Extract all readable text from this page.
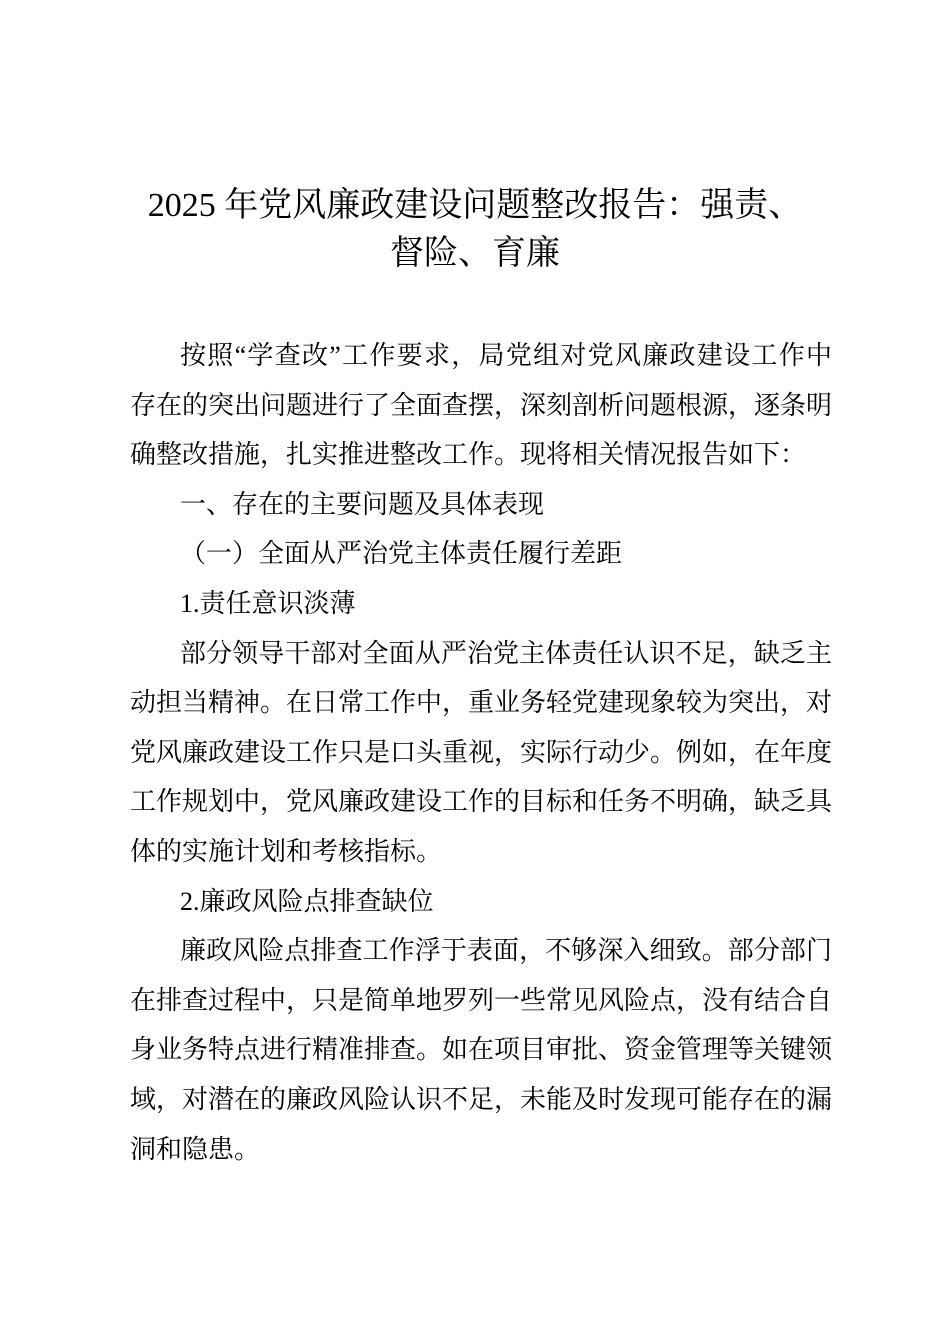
2025 年党风廉政建设问题整改报告：强责、
督险、育廉
按照“学查改”工作要求，局党组对党风廉政建设工作中
存在的突出问题进行了全面查摆，深刻剖析问题根源，逐条明
确整改措施，扎实推进整改工作。现将相关情况报告如下：
一、存在的主要问题及具体表现
（一）全面从严治党主体责任履行差距
1.责任意识淡薄
部分领导干部对全面从严治党主体责任认识不足，缺乏主
动担当精神。在日常工作中，重业务轻党建现象较为突出，对
党风廉政建设工作只是口头重视，实际行动少。例如，在年度
工作规划中，党风廉政建设工作的目标和任务不明确，缺乏具
体的实施计划和考核指标。
2.廉政风险点排查缺位
廉政风险点排查工作浮于表面，不够深入细致。部分部门
在排查过程中，只是简单地罗列一些常见风险点，没有结合自
身业务特点进行精准排查。如在项目审批、资金管理等关键领
域，对潜在的廉政风险认识不足，未能及时发现可能存在的漏
洞和隐患。
